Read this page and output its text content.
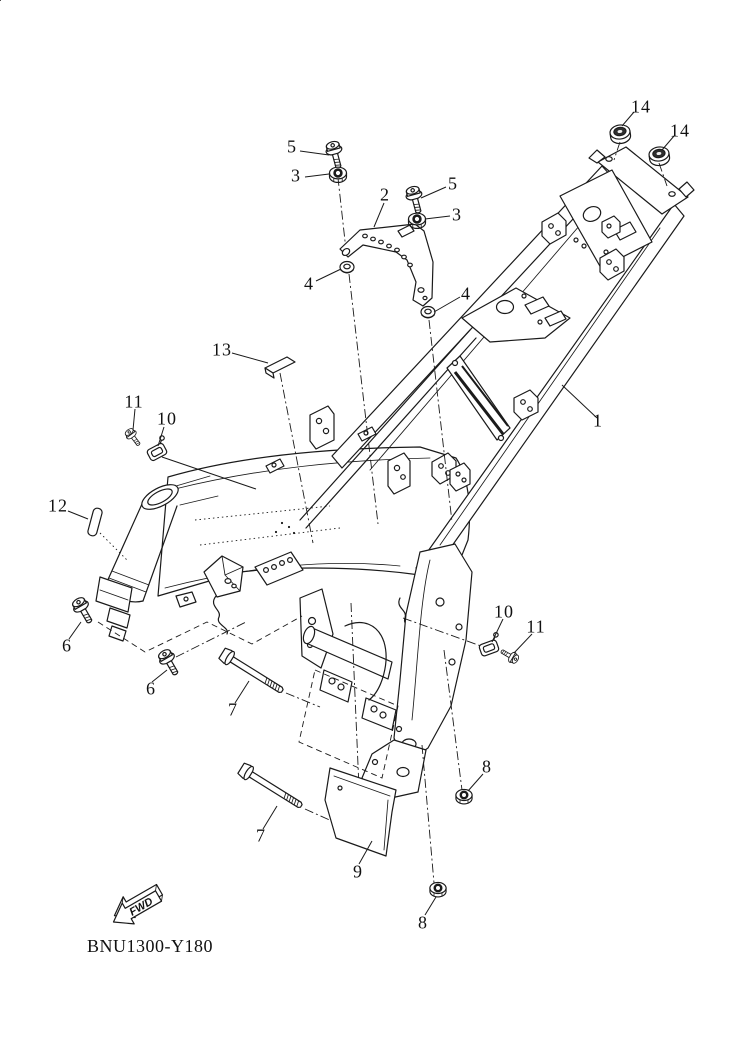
FWD
1
2
3
3
4	4
5
5
6
6
7
7
8
8
9
10
10
11
11
12
13
14
14
BNU1300-Y180
